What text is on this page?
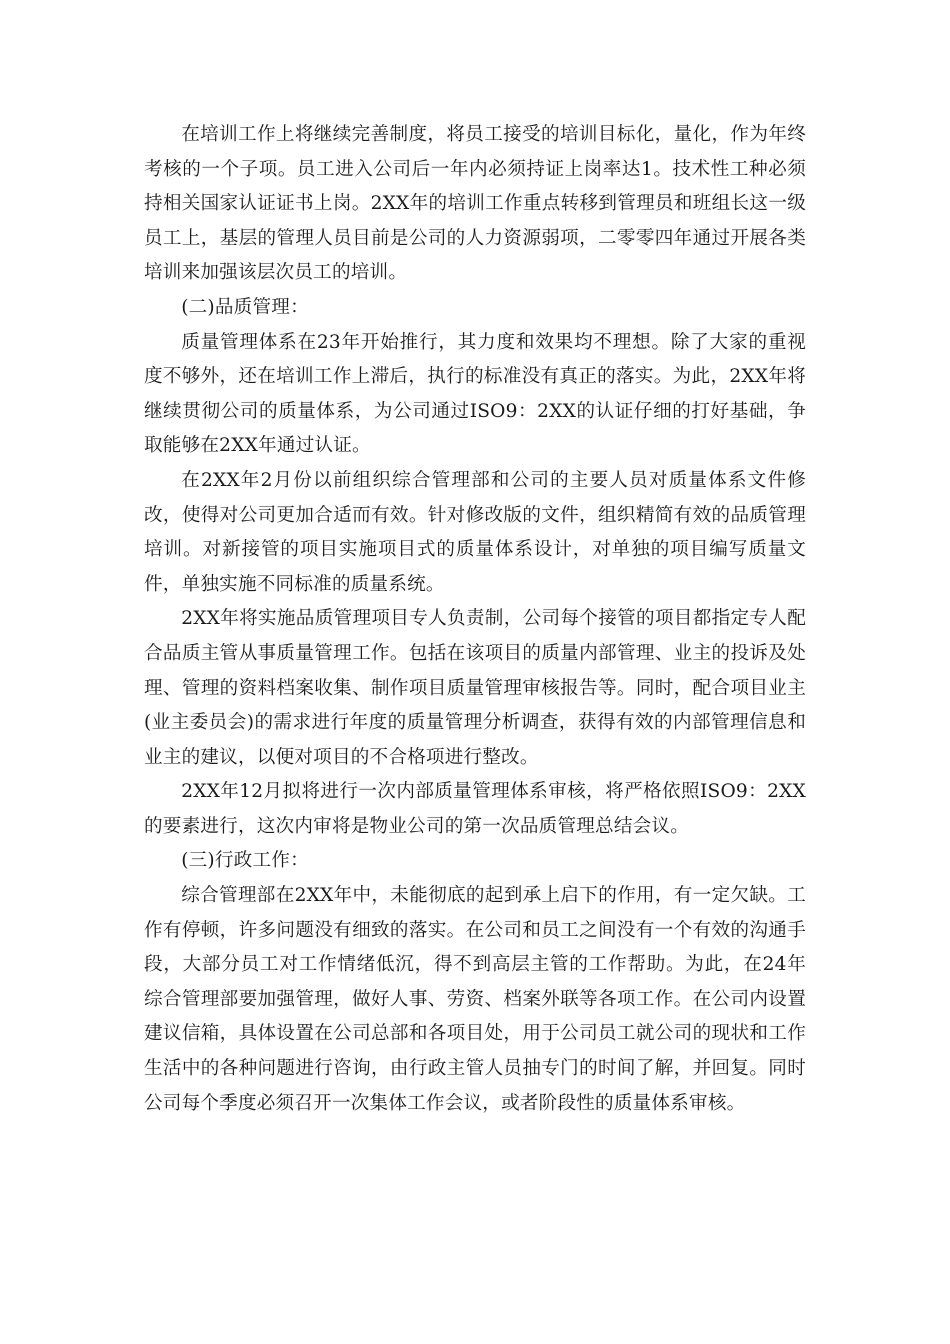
在培训工作上将继续完善制度，将员工接受的培训目标化，量化，作为年终考核的一个子项。员工进入公司后一年内必须持证上岗率达1。技术性工种必须持相关国家认证证书上岗。2XX年的培训工作重点转移到管理员和班组长这一级员工上，基层的管理人员目前是公司的人力资源弱项，二零零四年通过开展各类培训来加强该层次员工的培训。

(二)品质管理：

质量管理体系在23年开始推行，其力度和效果均不理想。除了大家的重视度不够外，还在培训工作上滞后，执行的标准没有真正的落实。为此，2XX年将继续贯彻公司的质量体系，为公司通过ISO9：2XX的认证仔细的打好基础，争取能够在2XX年通过认证。

在2XX年2月份以前组织综合管理部和公司的主要人员对质量体系文件修改，使得对公司更加合适而有效。针对修改版的文件，组织精简有效的品质管理培训。对新接管的项目实施项目式的质量体系设计，对单独的项目编写质量文件，单独实施不同标准的质量系统。

2XX年将实施品质管理项目专人负责制，公司每个接管的项目都指定专人配合品质主管从事质量管理工作。包括在该项目的质量内部管理、业主的投诉及处理、管理的资料档案收集、制作项目质量管理审核报告等。同时，配合项目业主(业主委员会)的需求进行年度的质量管理分析调查，获得有效的内部管理信息和业主的建议，以便对项目的不合格项进行整改。

2XX年12月拟将进行一次内部质量管理体系审核，将严格依照ISO9：2XX的要素进行，这次内审将是物业公司的第一次品质管理总结会议。

(三)行政工作：

综合管理部在2XX年中，未能彻底的起到承上启下的作用，有一定欠缺。工作有停顿，许多问题没有细致的落实。在公司和员工之间没有一个有效的沟通手段，大部分员工对工作情绪低沉，得不到高层主管的工作帮助。为此，在24年综合管理部要加强管理，做好人事、劳资、档案外联等各项工作。在公司内设置建议信箱，具体设置在公司总部和各项目处，用于公司员工就公司的现状和工作生活中的各种问题进行咨询，由行政主管人员抽专门的时间了解，并回复。同时公司每个季度必须召开一次集体工作会议，或者阶段性的质量体系审核。
